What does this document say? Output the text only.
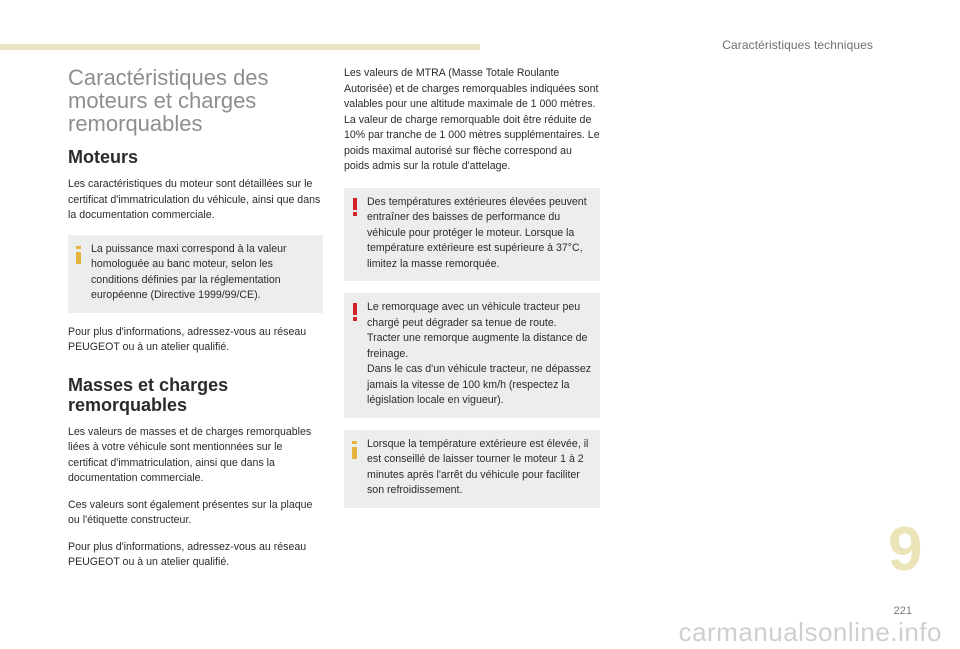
Caractéristiques techniques
Caractéristiques des moteurs et charges remorquables
Moteurs

Les caractéristiques du moteur sont détaillées sur le certificat d'immatriculation du véhicule, ainsi que dans la documentation commerciale.

La puissance maxi correspond à la valeur homologuée au banc moteur, selon les conditions définies par la réglementation européenne (Directive 1999/99/CE).

Pour plus d'informations, adressez-vous au réseau PEUGEOT ou à un atelier qualifié.

Masses et charges remorquables

Les valeurs de masses et de charges remorquables liées à votre véhicule sont mentionnées sur le certificat d'immatriculation, ainsi que dans la documentation commerciale.

Ces valeurs sont également présentes sur la plaque ou l'étiquette constructeur.

Pour plus d'informations, adressez-vous au réseau PEUGEOT ou à un atelier qualifié.

Les valeurs de MTRA (Masse Totale Roulante Autorisée) et de charges remorquables indiquées sont valables pour une altitude maximale de 1 000 mètres. La valeur de charge remorquable doit être réduite de 10% par tranche de 1 000 mètres supplémentaires. Le poids maximal autorisé sur flèche correspond au poids admis sur la rotule d'attelage.

Des températures extérieures élevées peuvent entraîner des baisses de performance du véhicule pour protéger le moteur. Lorsque la température extérieure est supérieure à 37°C, limitez la masse remorquée.
Le remorquage avec un véhicule tracteur peu chargé peut dégrader sa tenue de route.
Tracter une remorque augmente la distance de freinage.
Dans le cas d'un véhicule tracteur, ne dépassez jamais la vitesse de 100 km/h (respectez la législation locale en vigueur).
Lorsque la température extérieure est élevée, il est conseillé de laisser tourner le moteur 1 à 2 minutes après l'arrêt du véhicule pour faciliter son refroidissement.
9
221
carmanualsonline.info
